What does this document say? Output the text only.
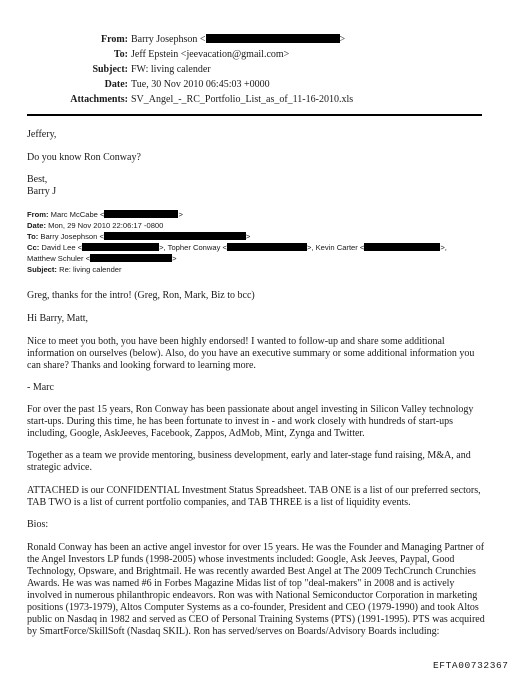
From: Barry Josephson <	>
To: Jeff Epstein <jeevacation@gmail.com>
Subject: FW: living calender
Date: Tue, 30 Nov 2010 06:45:03 +0000
Attachments: SV_Angel_-_RC_Portfolio_List_as_of_11-16-2010.xls
Jeffery,
Do you know Ron Conway?

Best,

Barry J

From: Marc McCabe <	>
Date: Mon, 29 Nov 2010 22:06:17 -0800
To: Barry Josephson <	>
Cc: David Lee <	>, Topher Conway <	>, Kevin Carter <	>,
Matthew Schuler <	>
Subject: Re: living calender
Greg, thanks for the intro! (Greg, Ron, Mark, Biz to bcc)
Hi Barry, Matt,
Nice to meet you both, you have been highly endorsed! I wanted to follow-up and share some additional information on ourselves (below). Also, do you have an executive summary or some additional information you can share? Thanks and looking forward to learning more.
- Marc
For over the past 15 years, Ron Conway has been passionate about angel investing in Silicon Valley technology start-ups. During this time, he has been fortunate to invest in - and work closely with hundreds of start-ups including, Google, AskJeeves, Facebook, Zappos, AdMob, Mint, Zynga and Twitter.
Together as a team we provide mentoring, business development, early and later-stage fund raising, M&A, and strategic advice.
ATTACHED is our CONFIDENTIAL Investment Status Spreadsheet. TAB ONE is a list of our preferred sectors, TAB TWO is a list of current portfolio companies, and TAB THREE is a list of liquidity events.
Bios:
Ronald Conway has been an active angel investor for over 15 years. He was the Founder and Managing Partner of the Angel Investors LP funds (1998-2005) whose investments included: Google, Ask Jeeves, Paypal, Good Technology, Opsware, and Brightmail. He was recently awarded Best Angel at The 2009 TechCrunch Crunchies Awards. He was was named #6 in Forbes Magazine Midas list of top "deal-makers" in 2008 and is actively involved in numerous philanthropic endeavors. Ron was with National Semiconductor Corporation in marketing positions (1973-1979), Altos Computer Systems as a co-founder, President and CEO (1979-1990) and took Altos public on Nasdaq in 1982 and served as CEO of Personal Training Systems (PTS) (1991-1995). PTS was acquired by SmartForce/SkillSoft (Nasdaq SKIL). Ron has served/serves on Boards/Advisory Boards including:
EFTA00732367
